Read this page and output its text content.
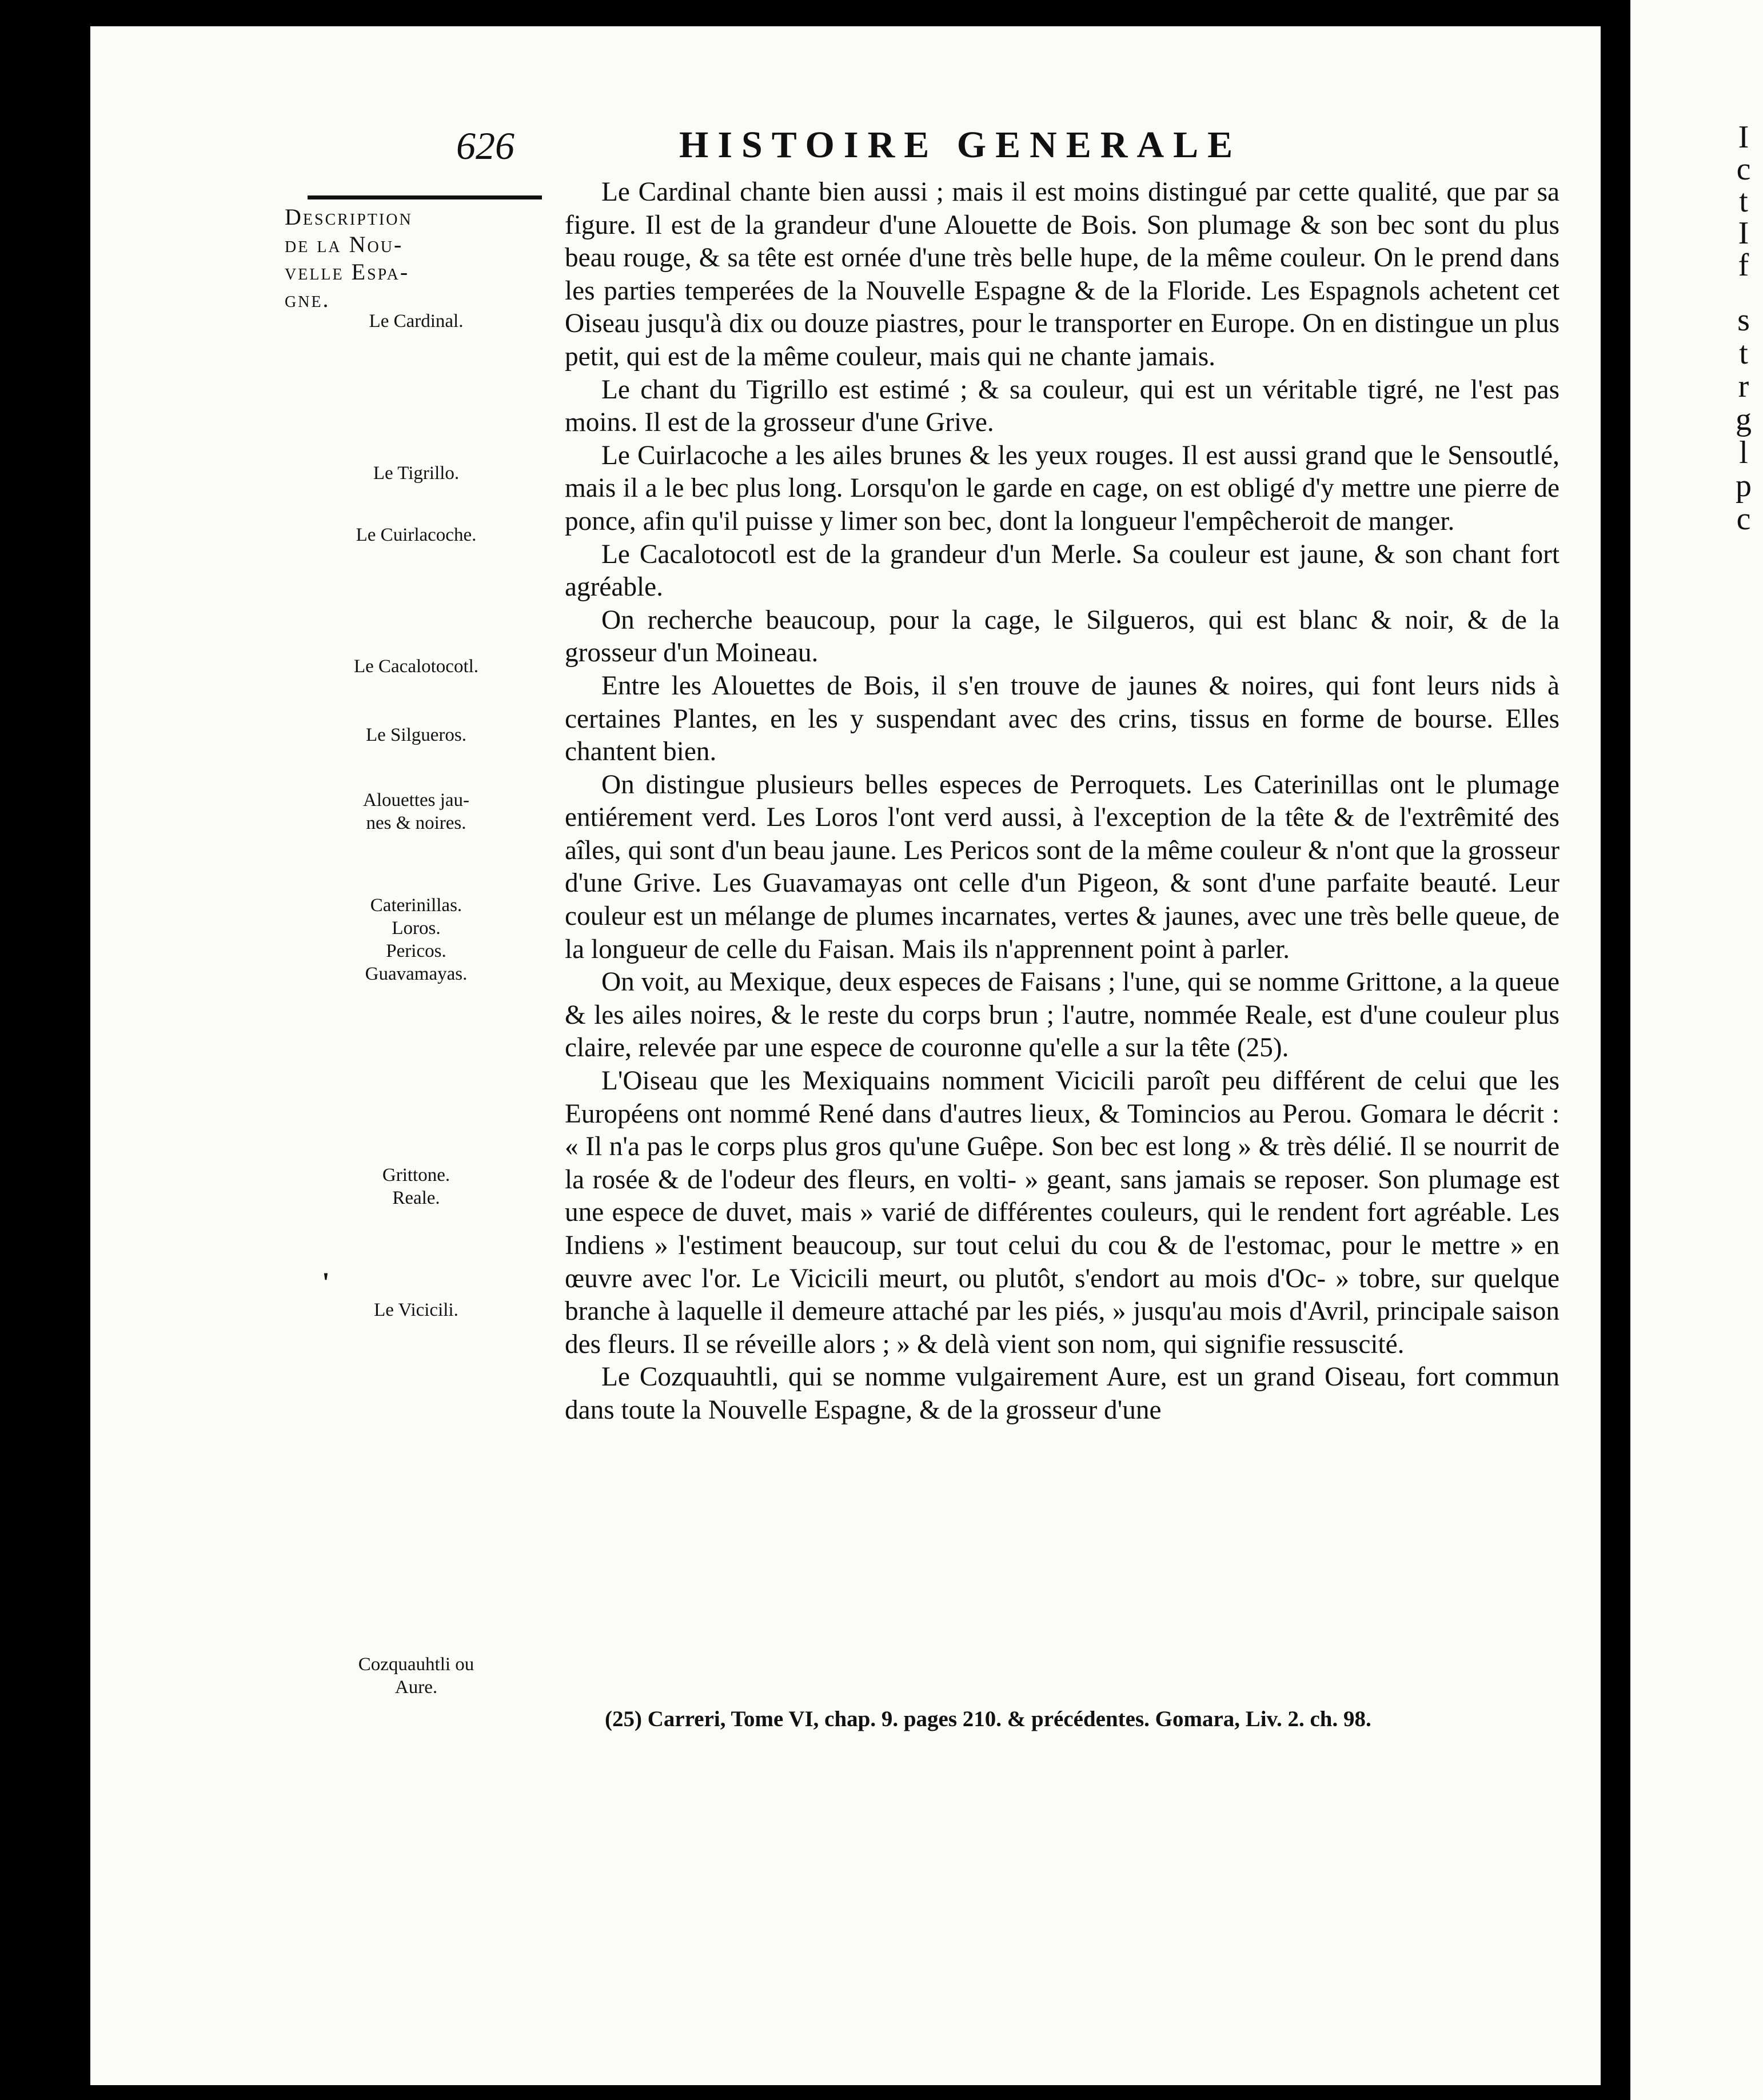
626	HISTOIRE GENERALE
Description
de la Nou-
velle Espa-
gne.
Le Cardinal.
Le Tigrillo.
Le Cuirlacoche.
Le Cacalotocotl.
Le Silgueros.
Alouettes jau-
nes & noires.
Caterinillas.
Loros.
Pericos.
Guavamayas.
Grittone.
Reale.
Le Vicicili.
Cozquauhtli ou
Aure.
'

Le Cardinal chante bien aussi ; mais il est moins distingué par cette qualité, que par sa figure. Il est de la grandeur d'une Alouette de Bois. Son plumage & son bec sont du plus beau rouge, & sa tête est ornée d'une très belle hupe, de la même couleur. On le prend dans les parties temperées de la Nouvelle Espagne & de la Floride. Les Espagnols achetent cet Oiseau jusqu'à dix ou douze piastres, pour le transporter en Europe. On en distingue un plus petit, qui est de la même couleur, mais qui ne chante jamais.

Le chant du Tigrillo est estimé ; & sa couleur, qui est un véritable tigré, ne l'est pas moins. Il est de la grosseur d'une Grive.

Le Cuirlacoche a les ailes brunes & les yeux rouges. Il est aussi grand que le Sensoutlé, mais il a le bec plus long. Lorsqu'on le garde en cage, on est obligé d'y mettre une pierre de ponce, afin qu'il puisse y limer son bec, dont la longueur l'empêcheroit de manger.

Le Cacalotocotl est de la grandeur d'un Merle. Sa couleur est jaune, & son chant fort agréable.

On recherche beaucoup, pour la cage, le Silgueros, qui est blanc & noir, & de la grosseur d'un Moineau.

Entre les Alouettes de Bois, il s'en trouve de jaunes & noires, qui font leurs nids à certaines Plantes, en les y suspendant avec des crins, tissus en forme de bourse. Elles chantent bien.

On distingue plusieurs belles especes de Perroquets. Les Caterinillas ont le plumage entiérement verd. Les Loros l'ont verd aussi, à l'exception de la tête & de l'extrêmité des aîles, qui sont d'un beau jaune. Les Pericos sont de la même couleur & n'ont que la grosseur d'une Grive. Les Guavamayas ont celle d'un Pigeon, & sont d'une parfaite beauté. Leur couleur est un mélange de plumes incarnates, vertes & jaunes, avec une très belle queue, de la longueur de celle du Faisan. Mais ils n'apprennent point à parler.

On voit, au Mexique, deux especes de Faisans ; l'une, qui se nomme Grittone, a la queue & les ailes noires, & le reste du corps brun ; l'autre, nommée Reale, est d'une couleur plus claire, relevée par une espece de couronne qu'elle a sur la tête (25).

L'Oiseau que les Mexiquains nomment Vicicili paroît peu différent de celui que les Européens ont nommé René dans d'autres lieux, & Tomincios au Perou. Gomara le décrit : « Il n'a pas le corps plus gros qu'une Guêpe. Son bec est long » & très délié. Il se nourrit de la rosée & de l'odeur des fleurs, en volti- » geant, sans jamais se reposer. Son plumage est une espece de duvet, mais » varié de différentes couleurs, qui le rendent fort agréable. Les Indiens » l'estiment beaucoup, sur tout celui du cou & de l'estomac, pour le mettre » en œuvre avec l'or. Le Vicicili meurt, ou plutôt, s'endort au mois d'Oc- » tobre, sur quelque branche à laquelle il demeure attaché par les piés, » jusqu'au mois d'Avril, principale saison des fleurs. Il se réveille alors ; » & delà vient son nom, qui signifie ressuscité.

Le Cozquauhtli, qui se nomme vulgairement Aure, est un grand Oiseau, fort commun dans toute la Nouvelle Espagne, & de la grosseur d'une

(25) Carreri, Tome VI, chap. 9. pages 210. & précédentes. Gomara, Liv. 2. ch. 98.
I
c
t
I
f
s
t
r
g
l
p
c
